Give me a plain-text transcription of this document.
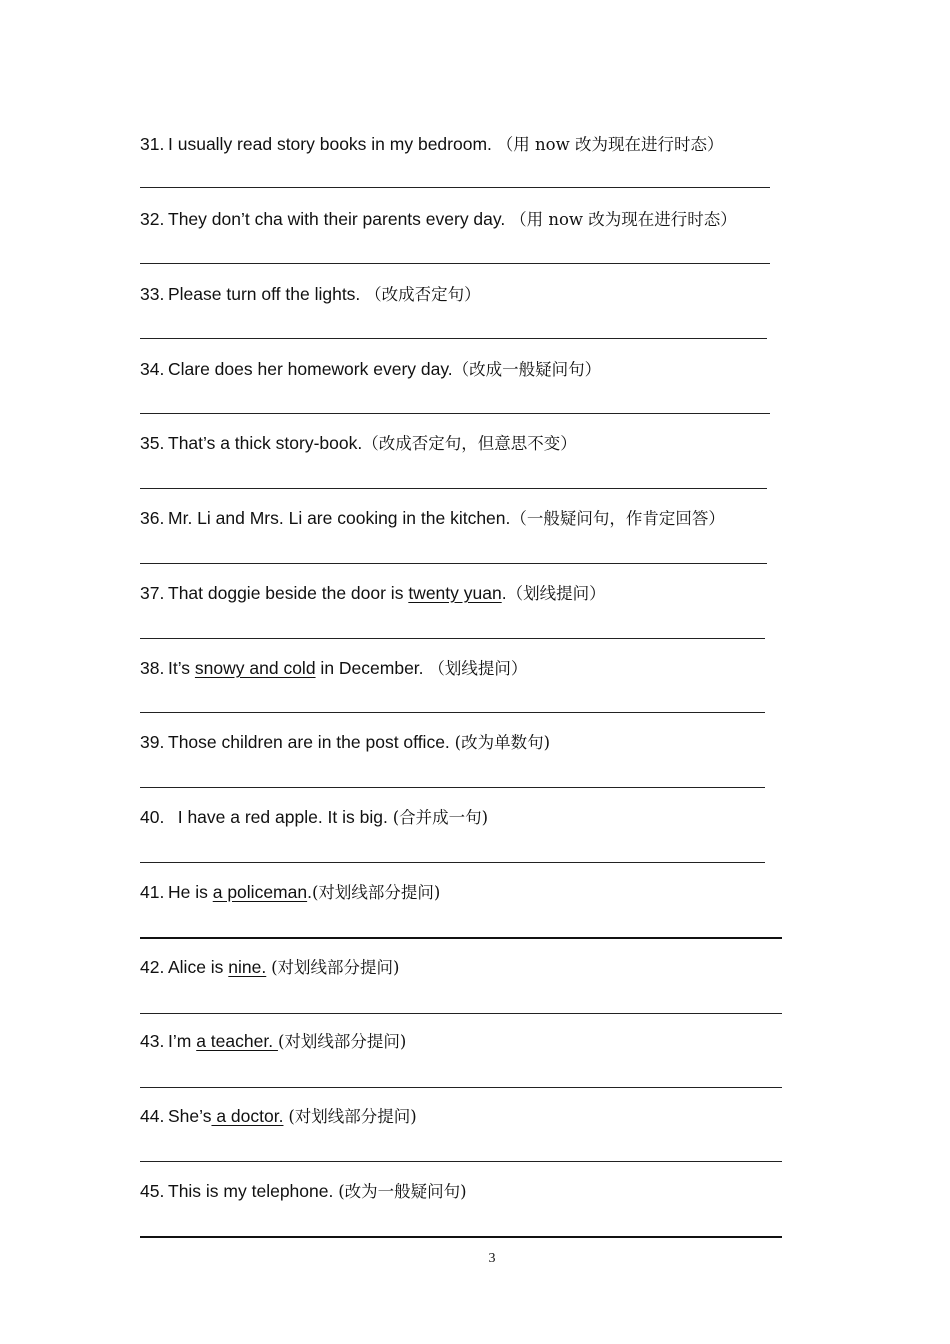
31. I usually read story books in my bedroom. （用 now 改为现在进行时态）
32. They don’t cha with their parents every day. （用 now 改为现在进行时态）
33. Please turn off the lights. （改成否定句）
34. Clare does her homework every day.（改成一般疑问句）
35. That’s a thick story-book.（改成否定句，但意思不变）
36. Mr. Li and Mrs. Li are cooking in the kitchen.（一般疑问句，作肯定回答）
37. That doggie beside the door is twenty yuan.（划线提问）
38. It’s snowy and cold in December. （划线提问）
39. Those children are in the post office. (改为单数句)
40.  I have a red apple. It is big. (合并成一句)
41. He is a policeman.(对划线部分提问)
42. Alice is nine. (对划线部分提问)
43. I’m a teacher. (对划线部分提问)
44. She’s a doctor. (对划线部分提问)
45. This is my telephone. (改为一般疑问句)
3
